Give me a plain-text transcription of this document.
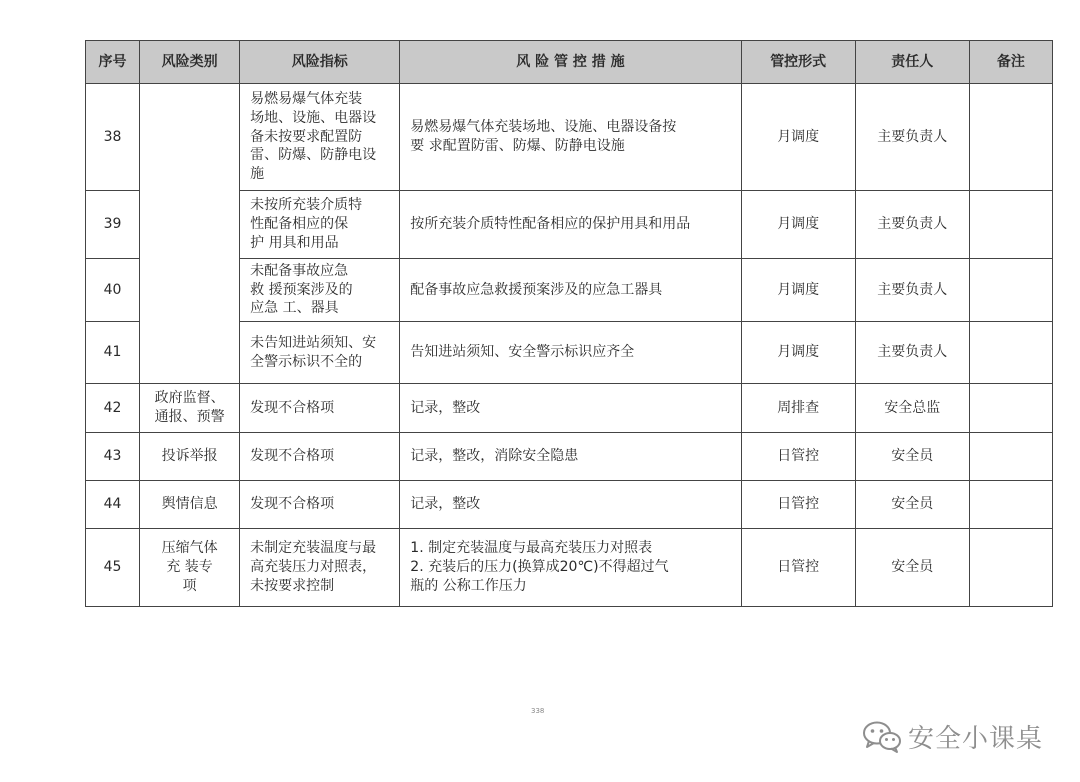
序号	风险类别	风险指标	风 险 管 控 措 施	管控形式	责任人	备注
38		易燃易爆气体充装
场地、设施、电器设
备未按要求配置防
雷、防爆、防静电设
施	易燃易爆气体充装场地、设施、电器设备按
要 求配置防雷、防爆、防静电设施	月调度	主要负责人	
39		未按所充装介质特
性配备相应的保
护 用具和用品	按所充装介质特性配备相应的保护用具和用品	月调度	主要负责人	
40		未配备事故应急
救 援预案涉及的
应急 工、器具	配备事故应急救援预案涉及的应急工器具	月调度	主要负责人	
41		未告知进站须知、安
全警示标识不全的	告知进站须知、安全警示标识应齐全	月调度	主要负责人	
42	政府监督、
通报、预警	发现不合格项	记录，整改	周排查	安全总监	
43	投诉举报	发现不合格项	记录，整改，消除安全隐患	日管控	安全员	
44	舆情信息	发现不合格项	记录，整改	日管控	安全员	
45	压缩气体
充 装专
项	未制定充装温度与最
高充装压力对照表，
未按要求控制	1. 制定充装温度与最高充装压力对照表
2. 充装后的压力(换算成20℃)不得超过气
瓶的 公称工作压力	日管控	安全员	
338
安全小课桌
